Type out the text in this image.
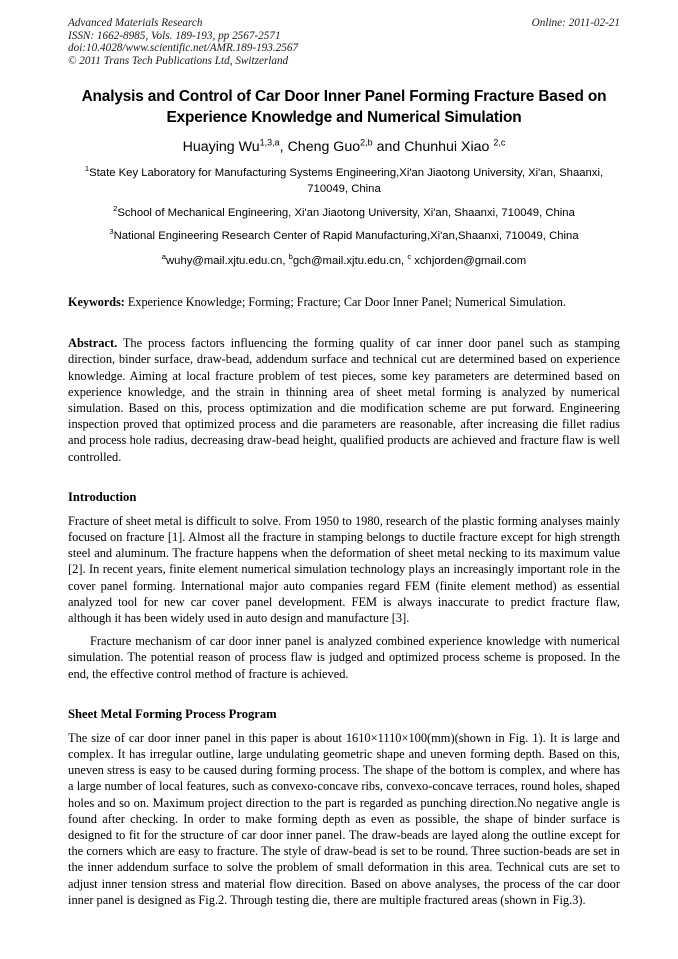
Advanced Materials Research
ISSN: 1662-8985, Vols. 189-193, pp 2567-2571
doi:10.4028/www.scientific.net/AMR.189-193.2567
© 2011 Trans Tech Publications Ltd, Switzerland
Online: 2011-02-21
Analysis and Control of Car Door Inner Panel Forming Fracture Based on Experience Knowledge and Numerical Simulation
Huaying Wu$^{1,3,a}$, Cheng Guo$^{2,b}$ and Chunhui Xiao $^{2,c}$
$^1$State Key Laboratory for Manufacturing Systems Engineering,Xi'an Jiaotong University, Xi'an, Shaanxi, 710049, China
$^2$School of Mechanical Engineering, Xi'an Jiaotong University, Xi'an, Shaanxi, 710049, China
$^3$National Engineering Research Center of Rapid Manufacturing,Xi'an,Shaanxi, 710049, China
$^a$wuhy@mail.xjtu.edu.cn, $^b$gch@mail.xjtu.edu.cn, $^c$ xchjorden@gmail.com
Keywords: Experience Knowledge; Forming; Fracture; Car Door Inner Panel; Numerical Simulation.
Abstract. The process factors influencing the forming quality of car inner door panel such as stamping direction, binder surface, draw-bead, addendum surface and technical cut are determined based on experience knowledge. Aiming at local fracture problem of test pieces, some key parameters are determined based on experience knowledge, and the strain in thinning area of sheet metal forming is analyzed by numerical simulation. Based on this, process optimization and die modification scheme are put forward. Engineering inspection proved that optimized process and die parameters are reasonable, after increasing die fillet radius and process hole radius, decreasing draw-bead height, qualified products are achieved and fracture flaw is well controlled.
Introduction
Fracture of sheet metal is difficult to solve. From 1950 to 1980, research of the plastic forming analyses mainly focused on fracture [1]. Almost all the fracture in stamping belongs to ductile fracture except for high strength steel and aluminum. The fracture happens when the deformation of sheet metal necking to its maximum value [2]. In recent years, finite element numerical simulation technology plays an increasingly important role in the cover panel forming. International major auto companies regard FEM (finite element method) as essential analyzed tool for new car cover panel development. FEM is always inaccurate to predict fracture flaw, although it has been widely used in auto design and manufacture [3].
Fracture mechanism of car door inner panel is analyzed combined experience knowledge with numerical simulation. The potential reason of process flaw is judged and optimized process scheme is proposed. In the end, the effective control method of fracture is achieved.
Sheet Metal Forming Process Program
The size of car door inner panel in this paper is about 1610×1110×100(mm)(shown in Fig. 1). It is large and complex. It has irregular outline, large undulating geometric shape and uneven forming depth. Based on this, uneven stress is easy to be caused during forming process. The shape of the bottom is complex, and where has a large number of local features, such as convexo-concave ribs, convexo-concave terraces, round holes, shaped holes and so on. Maximum project direction to the part is regarded as punching direction.No negative angle is found after checking. In order to make forming depth as even as possible, the shape of binder surface is designed to fit for the structure of car door inner panel. The draw-beads are layed along the outline except for the corners which are easy to fracture. The style of draw-bead is set to be round. Three suction-beads are set in the inner addendum surface to solve the problem of small deformation in this area. Technical cuts are set to adjust inner tension stress and material flow direcition. Based on above analyses, the process of the car door inner panel is designed as Fig.2. Through testing die, there are multiple fractured areas (shown in Fig.3).
